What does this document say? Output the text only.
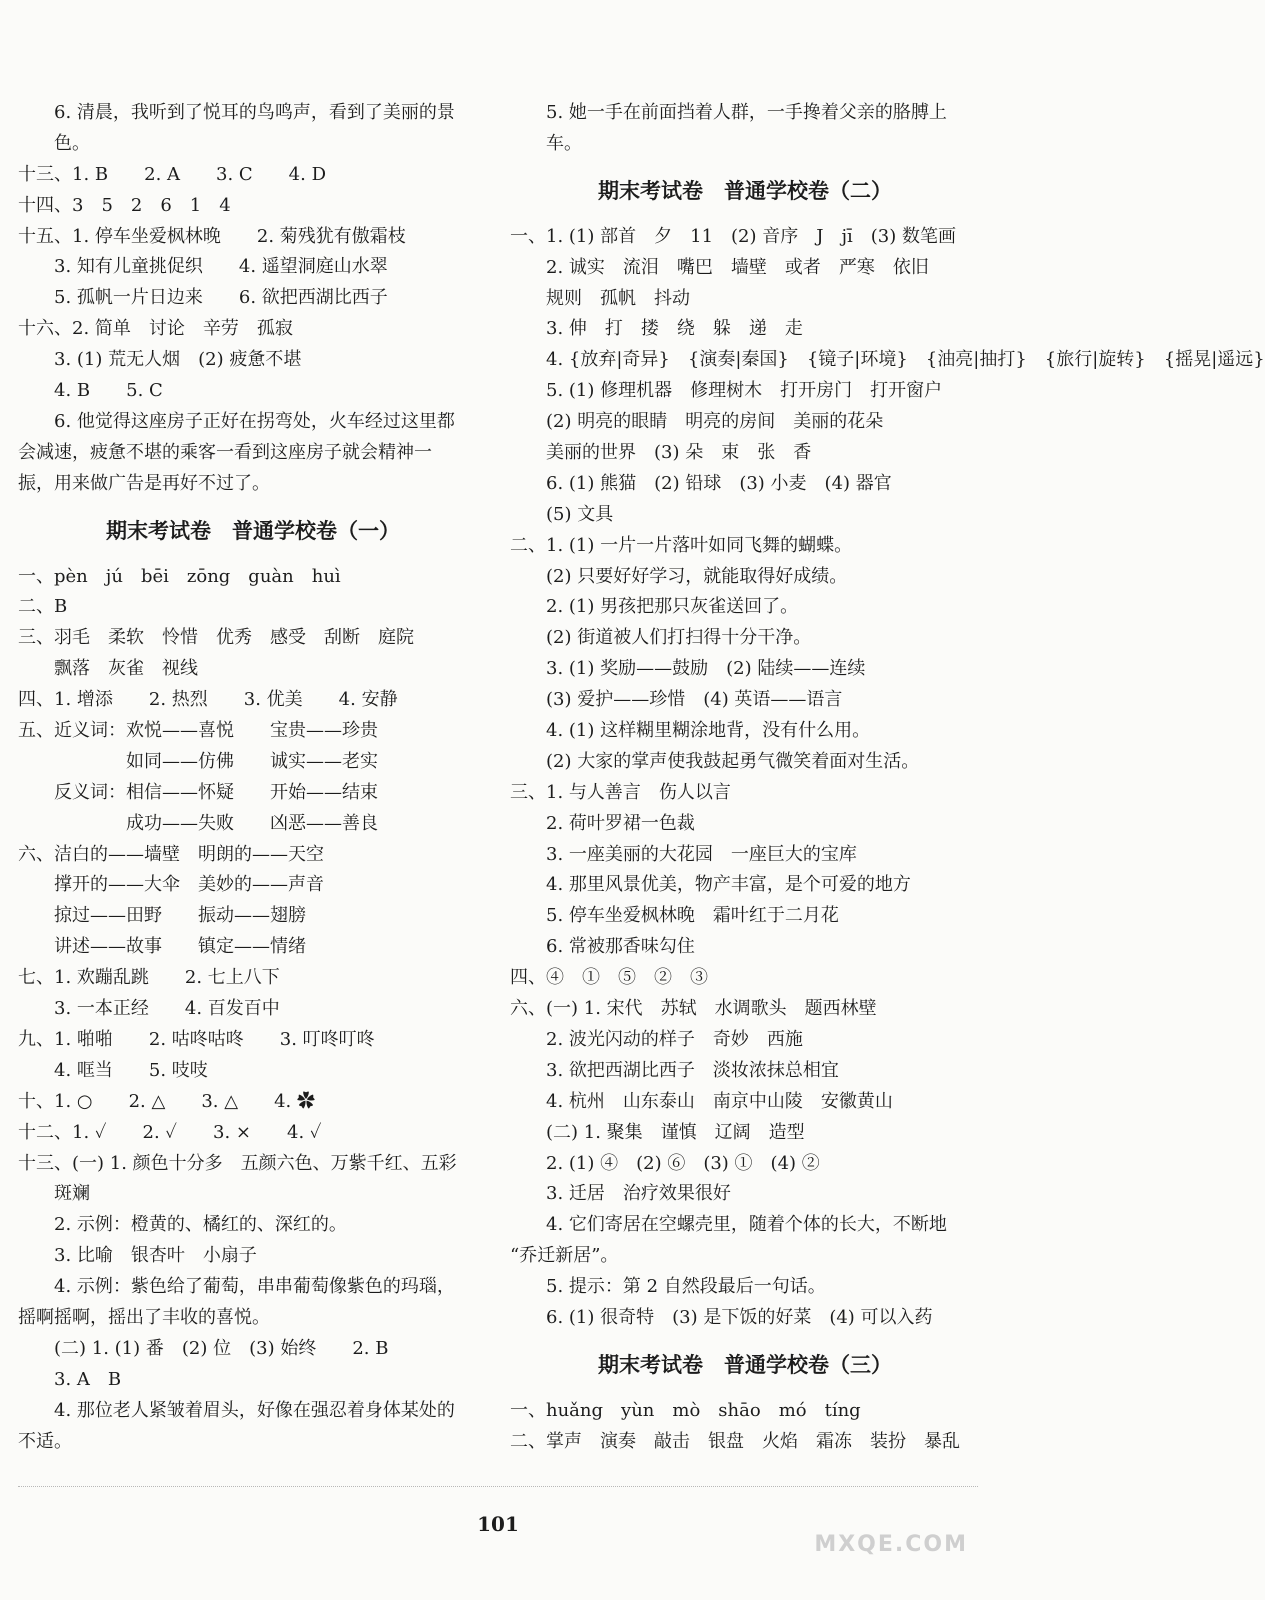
　　6. 清晨，我听到了悦耳的鸟鸣声，看到了美丽的景
　　色。
十三、1. B　　2. A　　3. C　　4. D
十四、3　5　2　6　1　4
十五、1. 停车坐爱枫林晚　　2. 菊残犹有傲霜枝
　　3. 知有儿童挑促织　　4. 遥望洞庭山水翠
　　5. 孤帆一片日边来　　6. 欲把西湖比西子
十六、2. 简单　讨论　辛劳　孤寂
　　3. (1) 荒无人烟　(2) 疲惫不堪
　　4. B　　5. C
　　6. 他觉得这座房子正好在拐弯处，火车经过这里都
会减速，疲惫不堪的乘客一看到这座房子就会精神一
振，用来做广告是再好不过了。
期末考试卷　普通学校卷（一）
一、pèn　jú　bēi　zōng　guàn　huì
二、B
三、羽毛　柔软　怜惜　优秀　感受　刮断　庭院
　　飘落　灰雀　视线
四、1. 增添　　2. 热烈　　3. 优美　　4. 安静
五、近义词：欢悦——喜悦　　宝贵——珍贵
　　　　　　如同——仿佛　　诚实——老实
　　反义词：相信——怀疑　　开始——结束
　　　　　　成功——失败　　凶恶——善良
六、洁白的——墙壁　明朗的——天空
　　撑开的——大伞　美妙的——声音
　　掠过——田野　　振动——翅膀
　　讲述——故事　　镇定——情绪
七、1. 欢蹦乱跳　　2. 七上八下
　　3. 一本正经　　4. 百发百中
九、1. 啪啪　　2. 咕咚咕咚　　3. 叮咚叮咚
　　4. 哐当　　5. 吱吱
十、1. ○　　2. △　　3. △　　4. ✿
十二、1. ✓　　2. ✓　　3. ×　　4. ✓
十三、(一) 1. 颜色十分多　五颜六色、万紫千红、五彩
　　斑斓
　　2. 示例：橙黄的、橘红的、深红的。
　　3. 比喻　银杏叶　小扇子
　　4. 示例：紫色给了葡萄，串串葡萄像紫色的玛瑙，
摇啊摇啊，摇出了丰收的喜悦。
　　(二) 1. (1) 番　(2) 位　(3) 始终　　2. B
　　3. A　B
　　4. 那位老人紧皱着眉头，好像在强忍着身体某处的
不适。
　　5. 她一手在前面挡着人群，一手搀着父亲的胳膊上
　　车。
期末考试卷　普通学校卷（二）
一、1. (1) 部首　夕　11　(2) 音序　J　jī　(3) 数笔画
　　2. 诚实　流泪　嘴巴　墙壁　或者　严寒　依旧
　　规则　孤帆　抖动
　　3. 伸　打　搂　绕　躲　递　走
　　4. {放弃|奇异}　{演奏|秦国}　{镜子|环境}　{油亮|抽打}　{旅行|旋转}　{摇晃|遥远}
　　5. (1) 修理机器　修理树木　打开房门　打开窗户
　　(2) 明亮的眼睛　明亮的房间　美丽的花朵
　　美丽的世界　(3) 朵　束　张　香
　　6. (1) 熊猫　(2) 铅球　(3) 小麦　(4) 器官
　　(5) 文具
二、1. (1) 一片一片落叶如同飞舞的蝴蝶。
　　(2) 只要好好学习，就能取得好成绩。
　　2. (1) 男孩把那只灰雀送回了。
　　(2) 街道被人们打扫得十分干净。
　　3. (1) 奖励——鼓励　(2) 陆续——连续
　　(3) 爱护——珍惜　(4) 英语——语言
　　4. (1) 这样糊里糊涂地背，没有什么用。
　　(2) 大家的掌声使我鼓起勇气微笑着面对生活。
三、1. 与人善言　伤人以言
　　2. 荷叶罗裙一色裁
　　3. 一座美丽的大花园　一座巨大的宝库
　　4. 那里风景优美，物产丰富，是个可爱的地方
　　5. 停车坐爱枫林晚　霜叶红于二月花
　　6. 常被那香味勾住
四、④　①　⑤　②　③
六、(一) 1. 宋代　苏轼　水调歌头　题西林壁
　　2. 波光闪动的样子　奇妙　西施
　　3. 欲把西湖比西子　淡妆浓抹总相宜
　　4. 杭州　山东泰山　南京中山陵　安徽黄山
　　(二) 1. 聚集　谨慎　辽阔　造型
　　2. (1) ④　(2) ⑥　(3) ①　(4) ②
　　3. 迁居　治疗效果很好
　　4. 它们寄居在空螺壳里，随着个体的长大，不断地
“乔迁新居”。
　　5. 提示：第 2 自然段最后一句话。
　　6. (1) 很奇特　(3) 是下饭的好菜　(4) 可以入药
期末考试卷　普通学校卷（三）
一、huǎng　yùn　mò　shāo　mó　tíng
二、掌声　演奏　敲击　银盘　火焰　霜冻　装扮　暴乱
101
MXQE.COM
